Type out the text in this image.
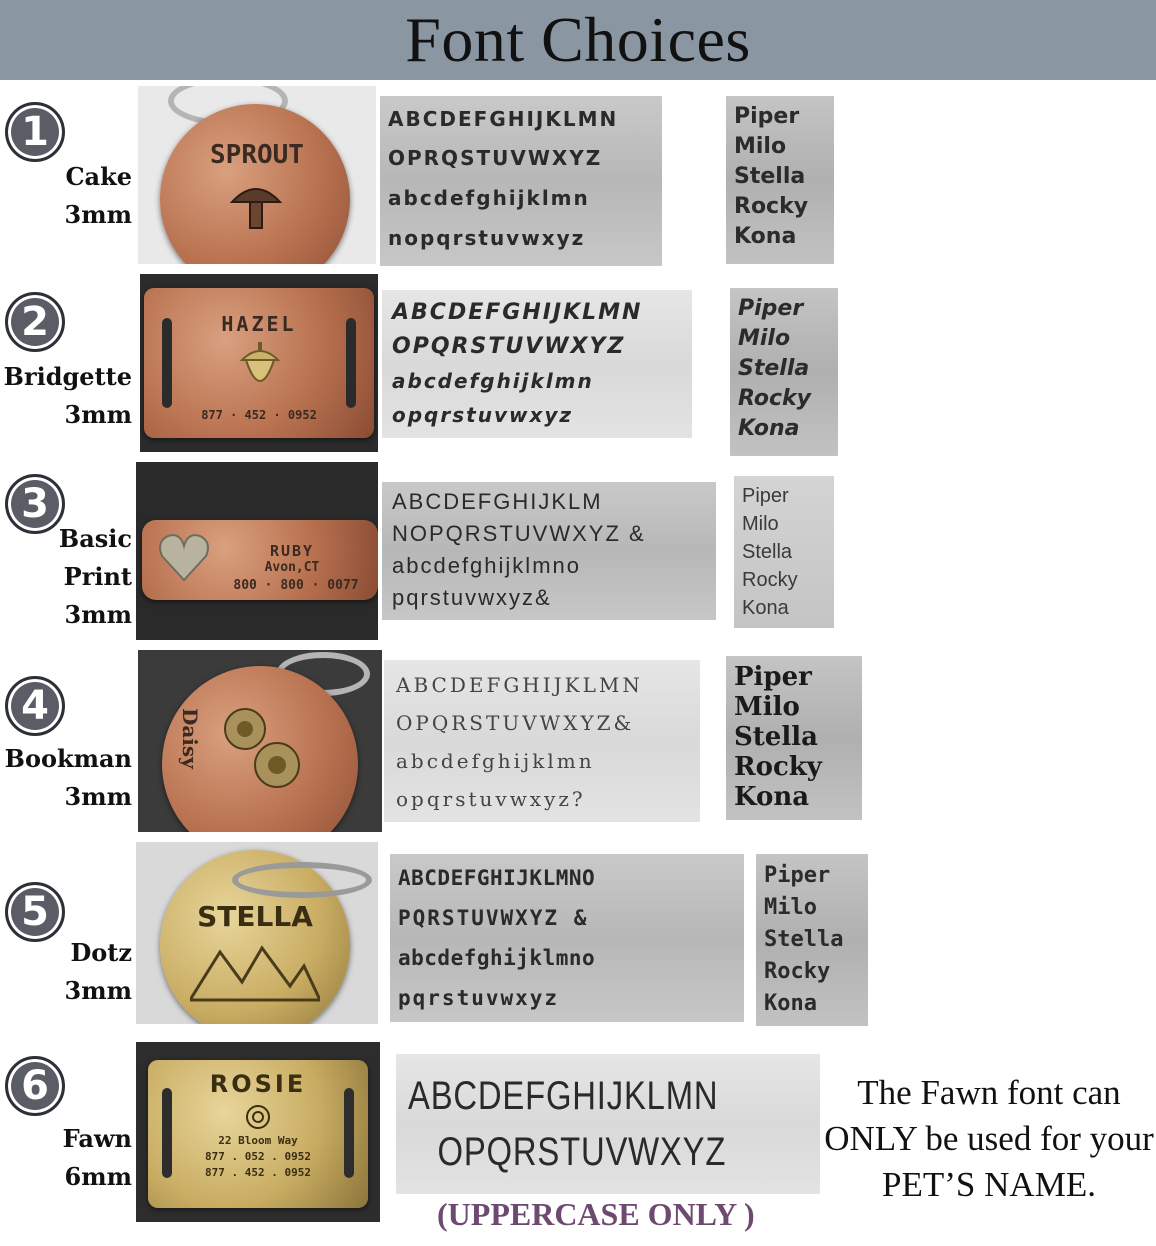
Font Choices
1
Cake
3mm
SPROUT
ABCDEFGHIJKLMN
OPRQSTUVWXYZ
abcdefghijklmn
nopqrstuvwxyz
Piper
Milo
Stella
Rocky
Kona
2
Bridgette
3mm
HAZEL
877 · 452 · 0952
ABCDEFGHIJKLMN
OPQRSTUVWXYZ
abcdefghijklmn
opqrstuvwxyz
Piper
Milo
Stella
Rocky
Kona
3
Basic
Print
3mm
RUBY
Avon,CT
800 · 800 · 0077
ABCDEFGHIJKLM
NOPQRSTUVWXYZ &
abcdefghijklmno
pqrstuvwxyz&
Piper
Milo
Stella
Rocky
Kona
4
Bookman
3mm
Daisy
ABCDEFGHIJKLMN
OPQRSTUVWXYZ&
abcdefghijklmn
opqrstuvwxyz?
Piper
Milo
Stella
Rocky
Kona
5
Dotz
3mm
STELLA
ABCDEFGHIJKLMNO
PQRSTUVWXYZ &
abcdefghijklmno
pqrstuvwxyz
Piper
Milo
Stella
Rocky
Kona
6
Fawn
6mm
ROSIE
22 Bloom Way
877 . 052 . 0952
877 . 452 . 0952
ABCDEFGHIJKLMN
OPQRSTUVWXYZ
The Fawn font can ONLY be used for your PET’S NAME.
(UPPERCASE ONLY )
